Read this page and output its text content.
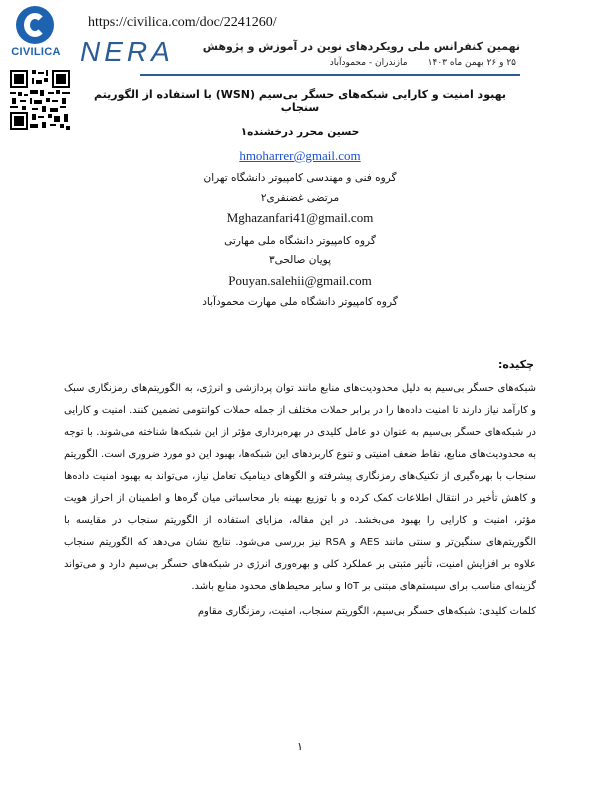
CIVILICA
https://civilica.com/doc/2241260/
NERA	نهمین کنفرانس ملی رویکردهای نوین در آموزش و پژوهش
۲۵ و ۲۶ بهمن ماه ۱۴۰۳       مازندران - محمودآباد
بهبود امنیت و کارایی شبکه‌های حسگر بی‌سیم (WSN) با استفاده از الگوریتم سنجاب
حسین محرر درخشنده۱
hmoharrer@gmail.com
گروه فنی و مهندسی کامپیوتر دانشگاه تهران
مرتضی غضنفری۲
Mghazanfari41@gmail.com
گروه کامپیوتر دانشگاه ملی مهارتی
پویان صالحی۳
Pouyan.salehii@gmail.com
گروه کامپیوتر دانشگاه ملی مهارت محمودآباد
چکیده:
شبکه‌های حسگر بی‌سیم به دلیل محدودیت‌های منابع مانند توان پردازشی و انرژی، به الگوریتم‌های رمزنگاری سبک و کارآمد نیاز دارند تا امنیت داده‌ها را در برابر حملات مختلف از جمله حملات کوانتومی تضمین کنند. امنیت و کارایی در شبکه‌های حسگر بی‌سیم به عنوان دو عامل کلیدی در بهره‌برداری مؤثر از این شبکه‌ها شناخته می‌شوند. با توجه به محدودیت‌های منابع، نقاط ضعف امنیتی و تنوع کاربردهای این شبکه‌ها، بهبود این دو مورد ضروری است. الگوریتم سنجاب با بهره‌گیری از تکنیک‌های رمزنگاری پیشرفته و الگوهای دینامیک تعامل نیاز، می‌تواند به بهبود امنیت داده‌ها و کاهش تأخیر در انتقال اطلاعات کمک کرده و با توزیع بهینه بار محاسباتی میان گره‌ها و اطمینان از احراز هویت مؤثر، امنیت و کارایی را بهبود می‌بخشد. در این مقاله، مزایای استفاده از الگوریتم سنجاب در مقایسه با الگوریتم‌های سنگین‌تر و سنتی مانند AES و RSA نیز بررسی می‌شود. نتایج نشان می‌دهد که الگوریتم سنجاب علاوه بر افزایش امنیت، تأثیر مثبتی بر عملکرد کلی و بهره‌وری انرژی در شبکه‌های حسگر بی‌سیم دارد و می‌تواند گزینه‌ای مناسب برای سیستم‌های مبتنی بر IoT و سایر محیط‌های محدود منابع باشد.
کلمات کلیدی: شبکه‌های حسگر بی‌سیم، الگوریتم سنجاب، امنیت، رمزنگاری مقاوم
۱
